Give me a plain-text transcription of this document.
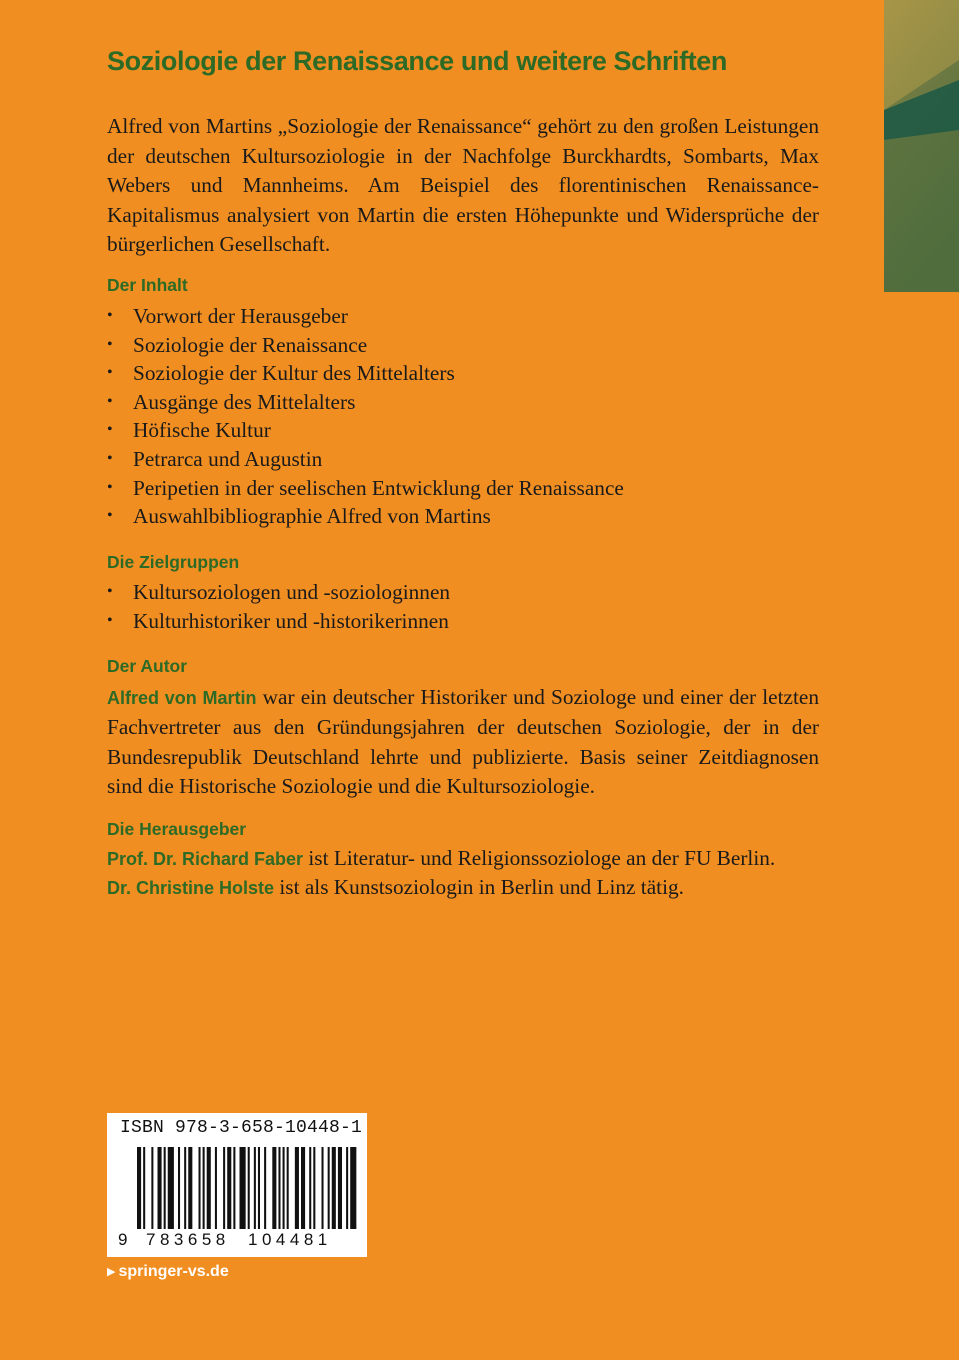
Soziologie der Renaissance und weitere Schriften

Alfred von Martins „Soziologie der Renaissance“ gehört zu den großen Leistungen der deutschen Kultursoziologie in der Nachfolge Burckhardts, Sombarts, Max Webers und Mannheims. Am Beispiel des florentinischen Renaissance-Kapitalismus analysiert von Martin die ersten Höhepunkte und Widersprüche der bürgerlichen Gesellschaft.

Der Inhalt
• Vorwort der Herausgeber
• Soziologie der Renaissance
• Soziologie der Kultur des Mittelalters
• Ausgänge des Mittelalters
• Höfische Kultur
• Petrarca und Augustin
• Peripetien in der seelischen Entwicklung der Renaissance
• Auswahlbibliographie Alfred von Martins
Die Zielgruppen
• Kultursoziologen und -soziologinnen
• Kulturhistoriker und -historikerinnen
Der Autor

Alfred von Martin war ein deutscher Historiker und Soziologe und einer der letzten Fachvertreter aus den Gründungsjahren der deutschen Soziologie, der in der Bundesrepublik Deutschland lehrte und publizierte. Basis seiner Zeitdiagnosen sind die Historische Soziologie und die Kultursoziologie.

Die Herausgeber

Prof. Dr. Richard Faber ist Literatur- und Religionssoziologe an der FU Berlin.

Dr. Christine Holste ist als Kunstsoziologin in Berlin und Linz tätig.

ISBN 978-3-658-10448-1
9 783658 104481
▶ springer-vs.de
